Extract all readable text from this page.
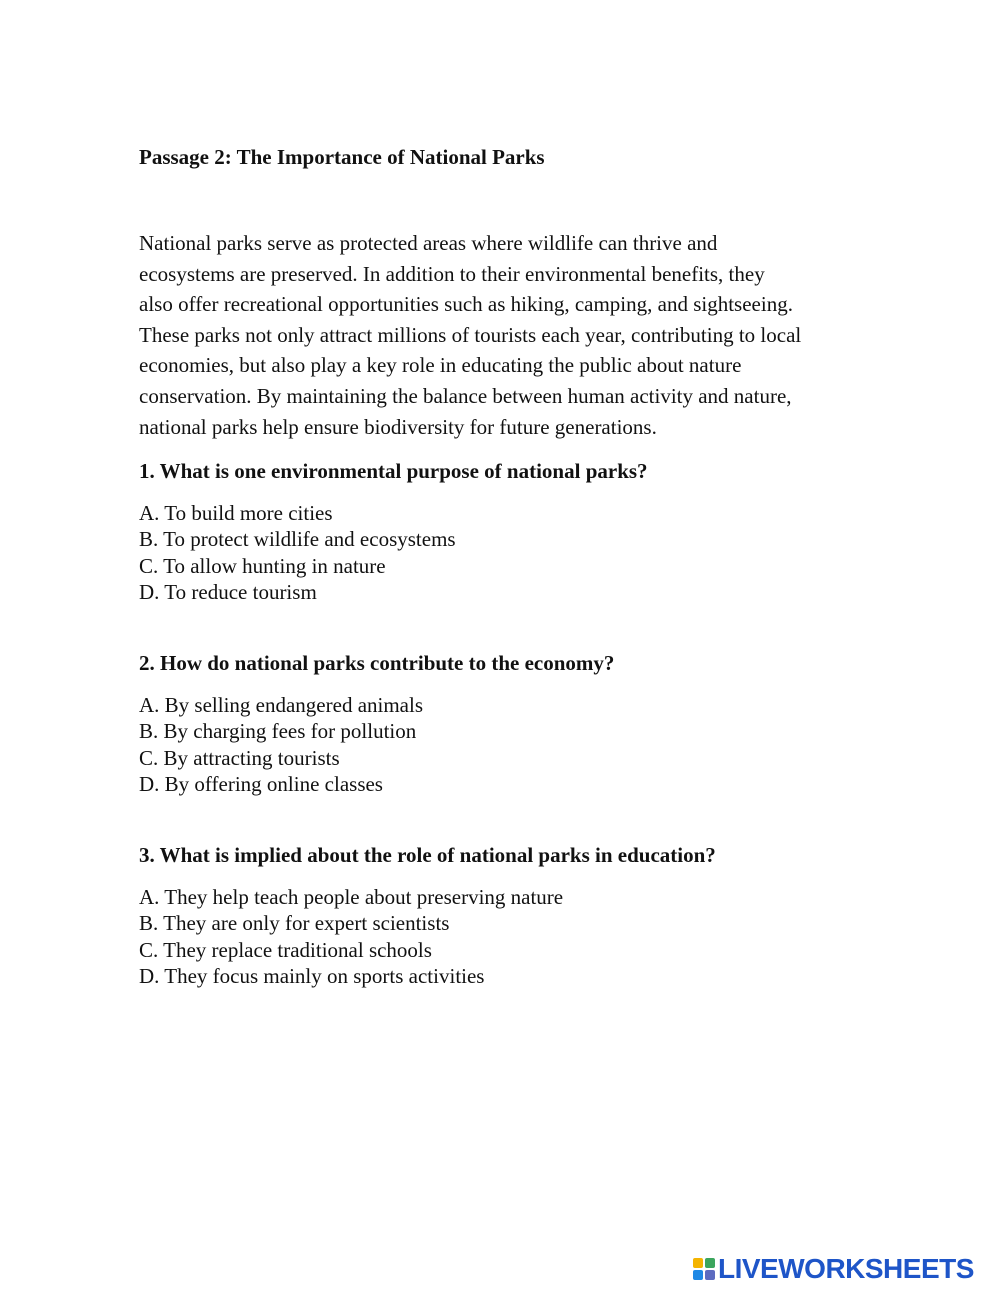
Passage 2: The Importance of National Parks
National parks serve as protected areas where wildlife can thrive and
ecosystems are preserved. In addition to their environmental benefits, they
also offer recreational opportunities such as hiking, camping, and sightseeing.
These parks not only attract millions of tourists each year, contributing to local
economies, but also play a key role in educating the public about nature
conservation. By maintaining the balance between human activity and nature,
national parks help ensure biodiversity for future generations.
1. What is one environmental purpose of national parks?
A. To build more cities
B. To protect wildlife and ecosystems
C. To allow hunting in nature
D. To reduce tourism
2. How do national parks contribute to the economy?
A. By selling endangered animals
B. By charging fees for pollution
C. By attracting tourists
D. By offering online classes
3. What is implied about the role of national parks in education?
A. They help teach people about preserving nature
B. They are only for expert scientists
C. They replace traditional schools
D. They focus mainly on sports activities
LIVEWORKSHEETS
